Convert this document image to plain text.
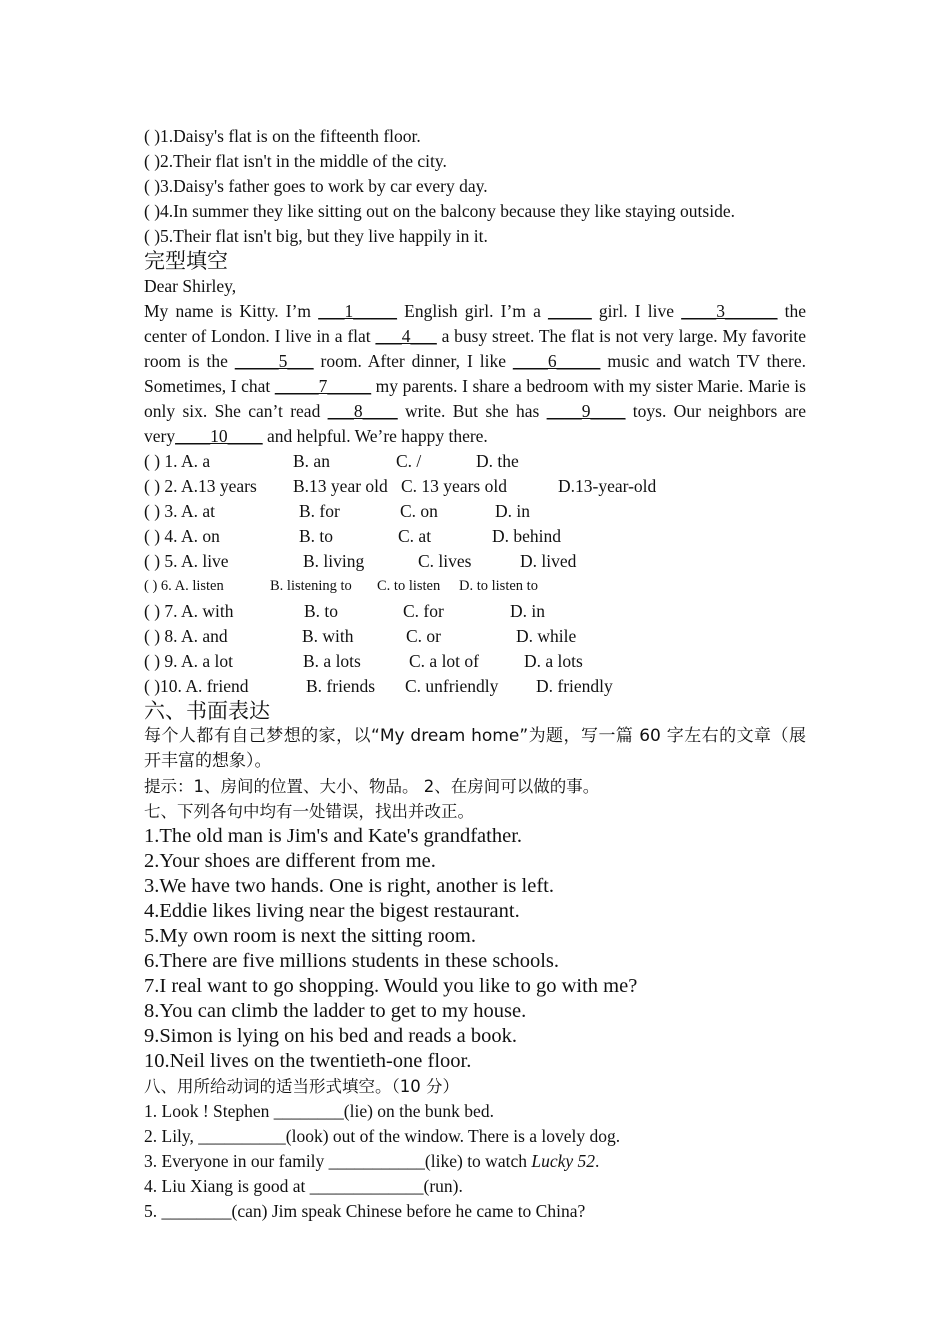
( )1.Daisy's flat is on the fifteenth floor.
( )2.Their flat isn't in the middle of the city.
( )3.Daisy's father goes to work by car every day.
( )4.In summer they like sitting out on the balcony because they like staying outside.
( )5.Their flat isn't big, but they live happily in it.
完型填空
Dear Shirley,
My name is Kitty. I’m ___1_____ English girl. I’m a _____ girl. I live ____3______ the center of London. I live in a flat ___4___ a busy street. The flat is not very large. My favorite room is the _____5___ room. After dinner, I like ____6_____ music and watch TV there. Sometimes, I chat _____7_____ my parents. I share a bedroom with my sister Marie. Marie is only six. She can’t read ___8____ write. But she has ____9____ toys. Our neighbors are very____10____ and helpful. We’re happy there.
( ) 1. A. a	B. an	C. /	D. the
( ) 2. A.13 years	B.13 year old C. 13 years old	D.13-year-old
( ) 3. A. at	B. for	C. on	D. in
( ) 4. A. on	B. to	C. at	D. behind
( ) 5. A. live	B. living	C. lives	D. lived
( ) 6. A. listen	B. listening to	C. to listen	D. to listen to
( ) 7. A. with	B. to	C. for	D. in
( ) 8. A. and	B. with	C. or	D. while
( ) 9. A. a lot	B. a lots	C. a lot of	D. a lots
( )10. A. friend	B. friends	C. unfriendly	D. friendly
六、书面表达
每个人都有自己梦想的家，以“My dream home”为题，写一篇 60 字左右的文章（展开丰富的想象）。
提示：1、房间的位置、大小、物品。 2、在房间可以做的事。
七、下列各句中均有一处错误，找出并改正。
1.The old man is Jim's and Kate's grandfather.
2.Your shoes are different from me.
3.We have two hands. One is right, another is left.
4.Eddie likes living near the bigest restaurant.
5.My own room is next the sitting room.
6.There are five millions students in these schools.
7.I real want to go shopping. Would you like to go with me?
8.You can climb the ladder to get to my house.
9.Simon is lying on his bed and reads a book.
10.Neil lives on the twentieth-one floor.
八、用所给动词的适当形式填空。（10 分）
1. Look ! Stephen ________(lie) on the bunk bed.
2. Lily, __________(look) out of the window. There is a lovely dog.
3. Everyone in our family ___________(like) to watch Lucky 52.
4. Liu Xiang is good at _____________(run).
5. ________(can) Jim speak Chinese before he came to China?
